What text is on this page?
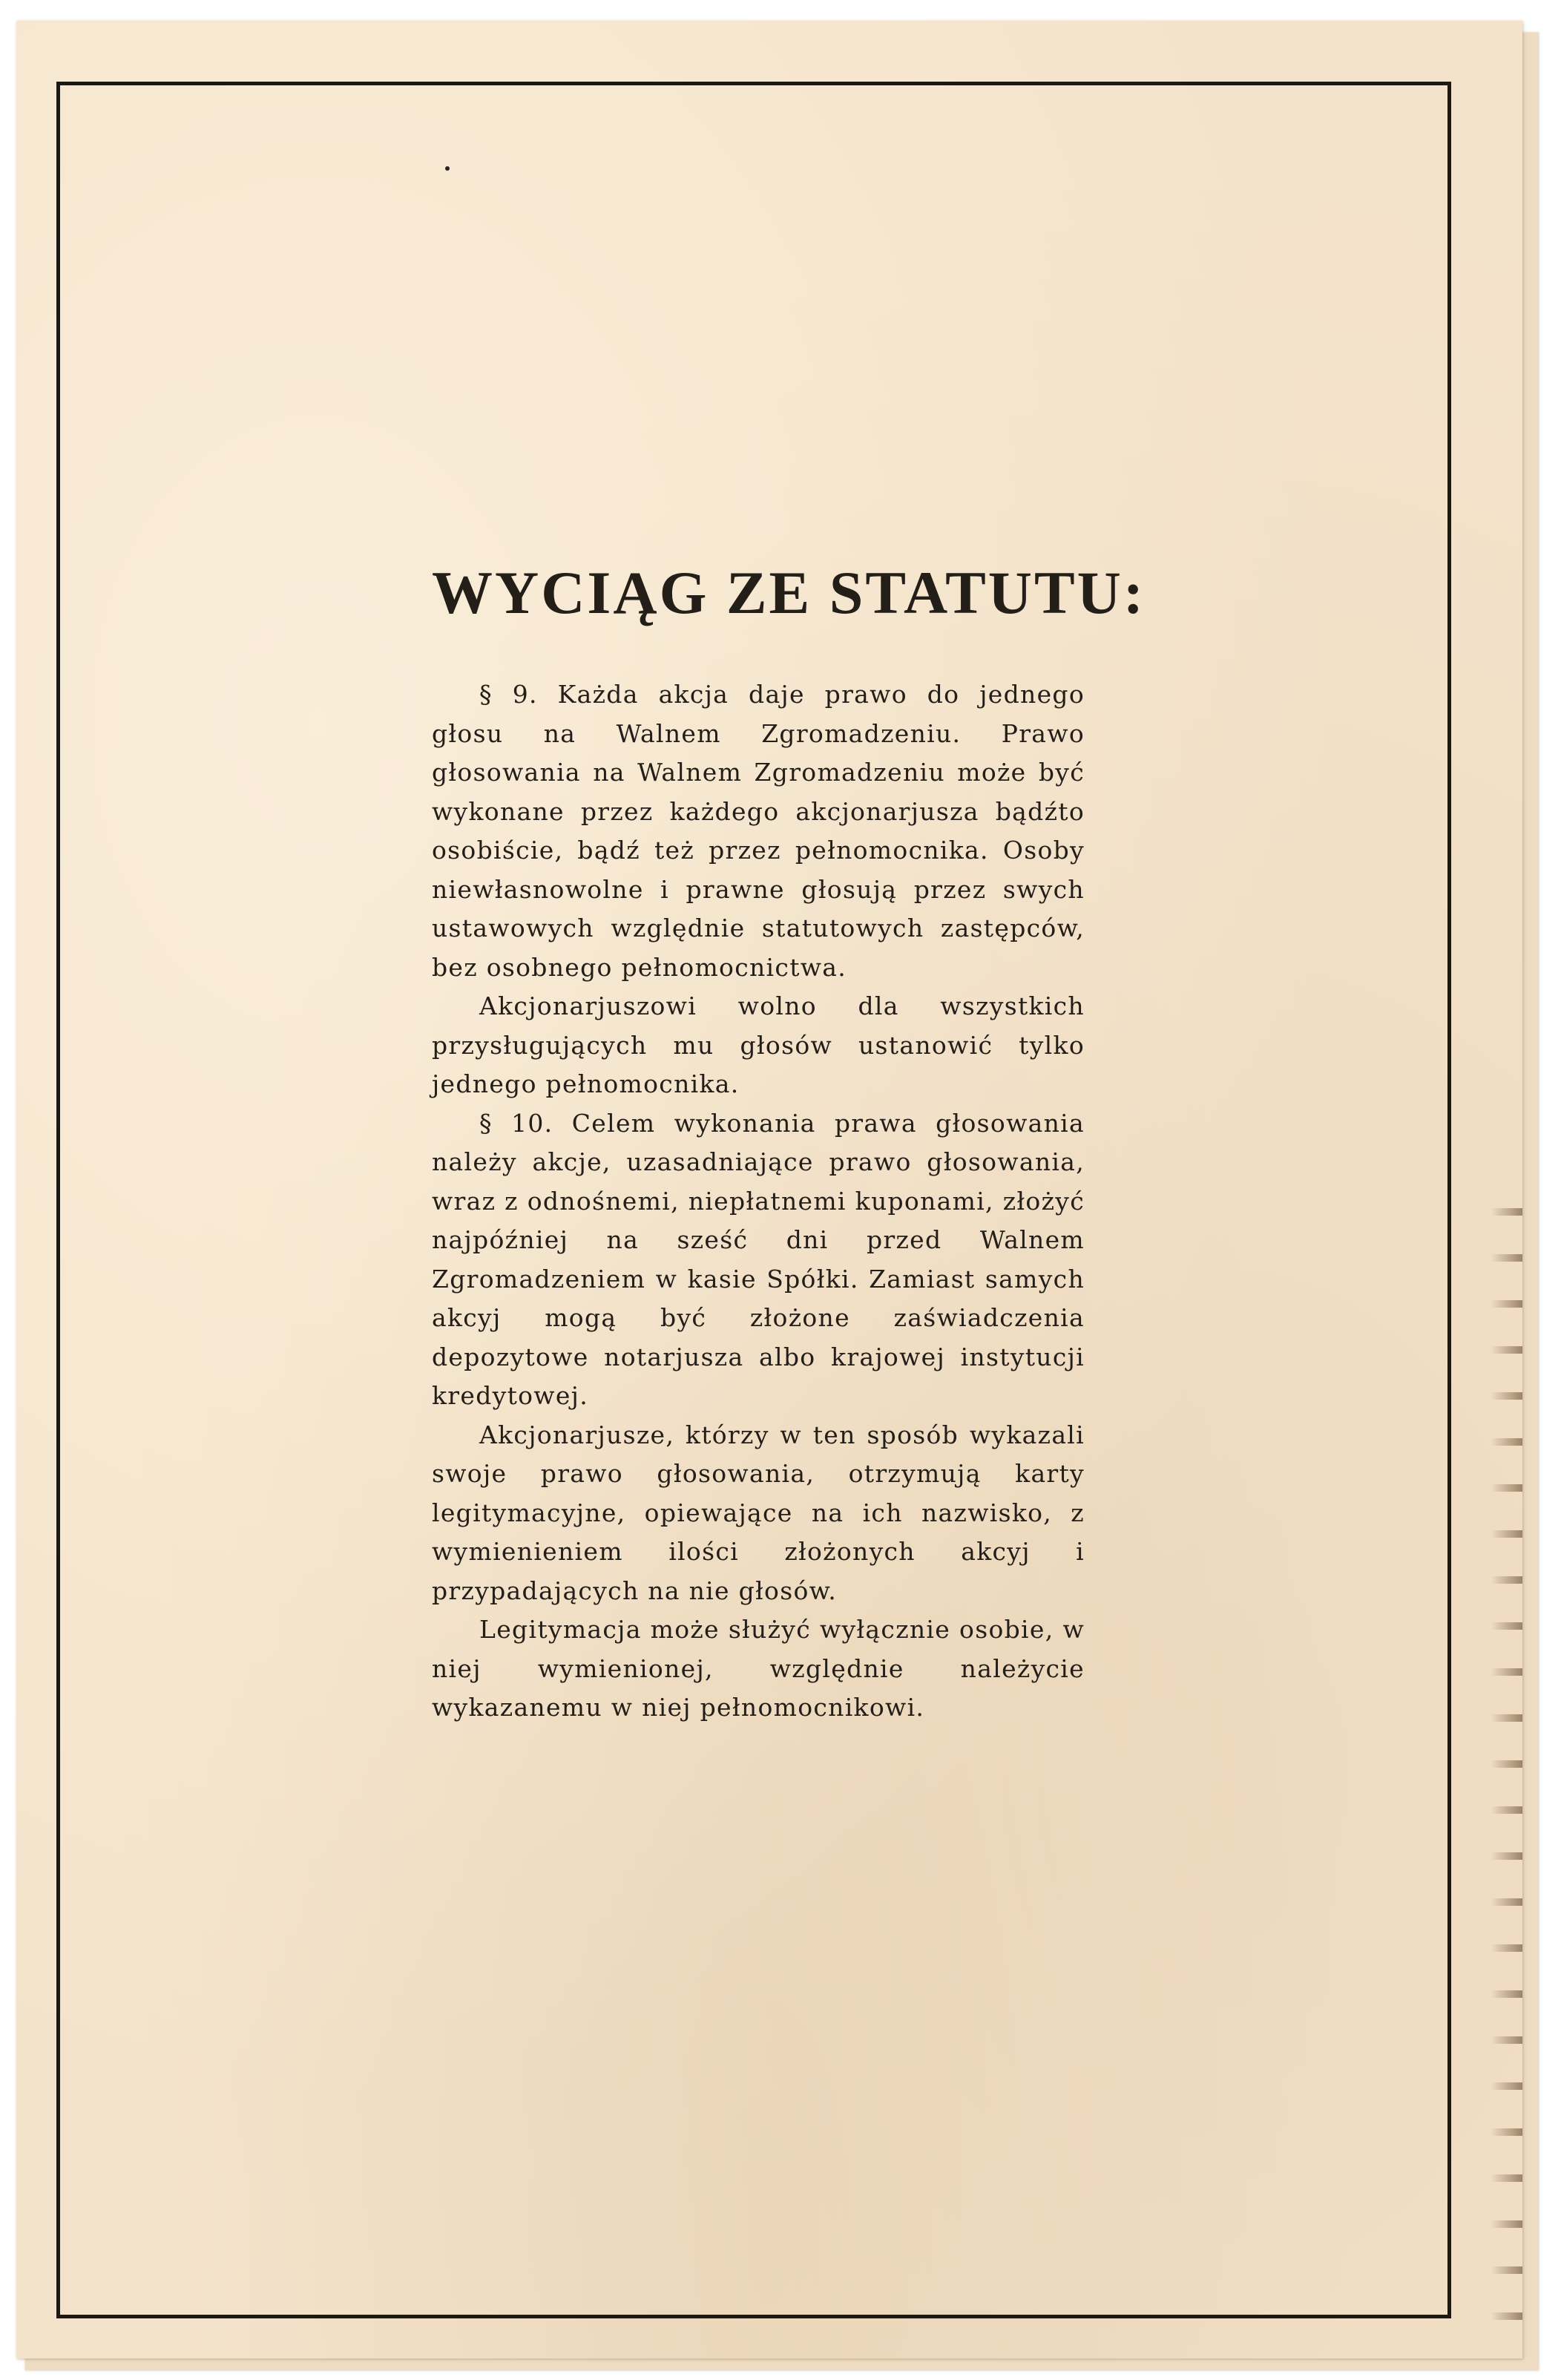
WYCIĄG ZE STATUTU:

§ 9. Każda akcja daje prawo do jednego głosu na Walnem Zgromadzeniu. Prawo głosowania na Walnem Zgromadzeniu może być wykonane przez każdego akcjonarjusza bądźto osobiście, bądź też przez pełnomocnika. Osoby niewłasnowolne i prawne głosują przez swych ustawowych względnie statutowych zastępców, bez osobnego pełnomocnictwa.

Akcjonarjuszowi wolno dla wszystkich przysługujących mu głosów ustanowić tylko jednego pełnomocnika.

§ 10. Celem wykonania prawa głosowania należy akcje, uzasadniające prawo głosowania, wraz z odnośnemi, niepłatnemi kuponami, złożyć najpóźniej na sześć dni przed Walnem Zgromadzeniem w kasie Spółki. Zamiast samych akcyj mogą być złożone zaświadczenia depozytowe notarjusza albo krajowej instytucji kredytowej.

Akcjonarjusze, którzy w ten sposób wykazali swoje prawo głosowania, otrzymują karty legitymacyjne, opiewające na ich nazwisko, z wymienieniem ilości złożonych akcyj i przypadających na nie głosów.

Legitymacja może służyć wyłącznie osobie, w niej wymienionej, względnie należycie wykazanemu w niej pełnomocnikowi.
